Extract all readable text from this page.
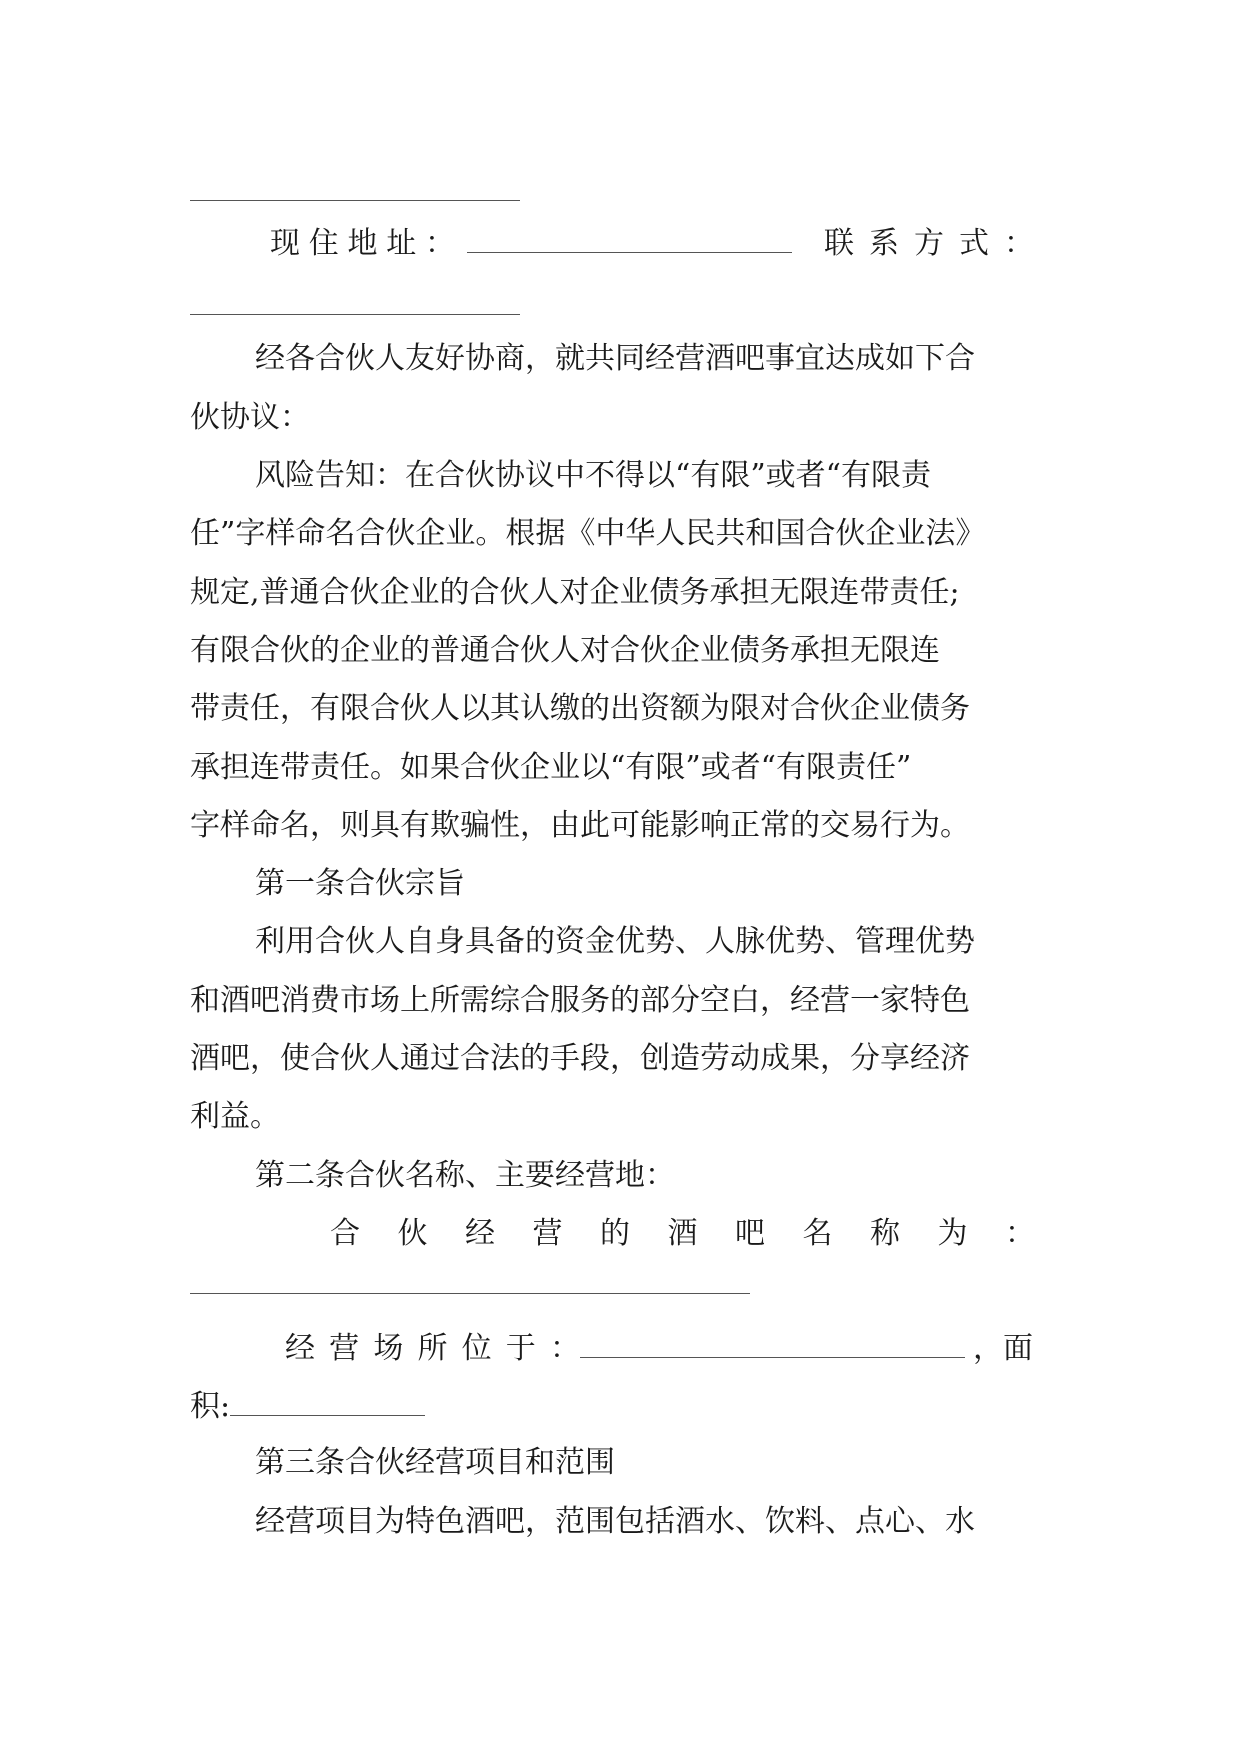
现 住 地 址 ：	联 系 方 式 ：
经各合伙人友好协商，就共同经营酒吧事宜达成如下合
伙协议：
风险告知：在合伙协议中不得以“有限”或者“有限责
任”字样命名合伙企业。根据《中华人民共和国合伙企业法》
规定,普通合伙企业的合伙人对企业债务承担无限连带责任;
有限合伙的企业的普通合伙人对合伙企业债务承担无限连
带责任，有限合伙人以其认缴的出资额为限对合伙企业债务
承担连带责任。如果合伙企业以“有限”或者“有限责任”
字样命名，则具有欺骗性，由此可能影响正常的交易行为。
第一条合伙宗旨
利用合伙人自身具备的资金优势、人脉优势、管理优势
和酒吧消费市场上所需综合服务的部分空白，经营一家特色
酒吧，使合伙人通过合法的手段，创造劳动成果，分享经济
利益。
第二条合伙名称、主要经营地：
合 伙 经 营 的 酒 吧 名 称 为 ：
经 营 场 所 位 于 ：	，面
积:
第三条合伙经营项目和范围
经营项目为特色酒吧，范围包括酒水、饮料、点心、水
